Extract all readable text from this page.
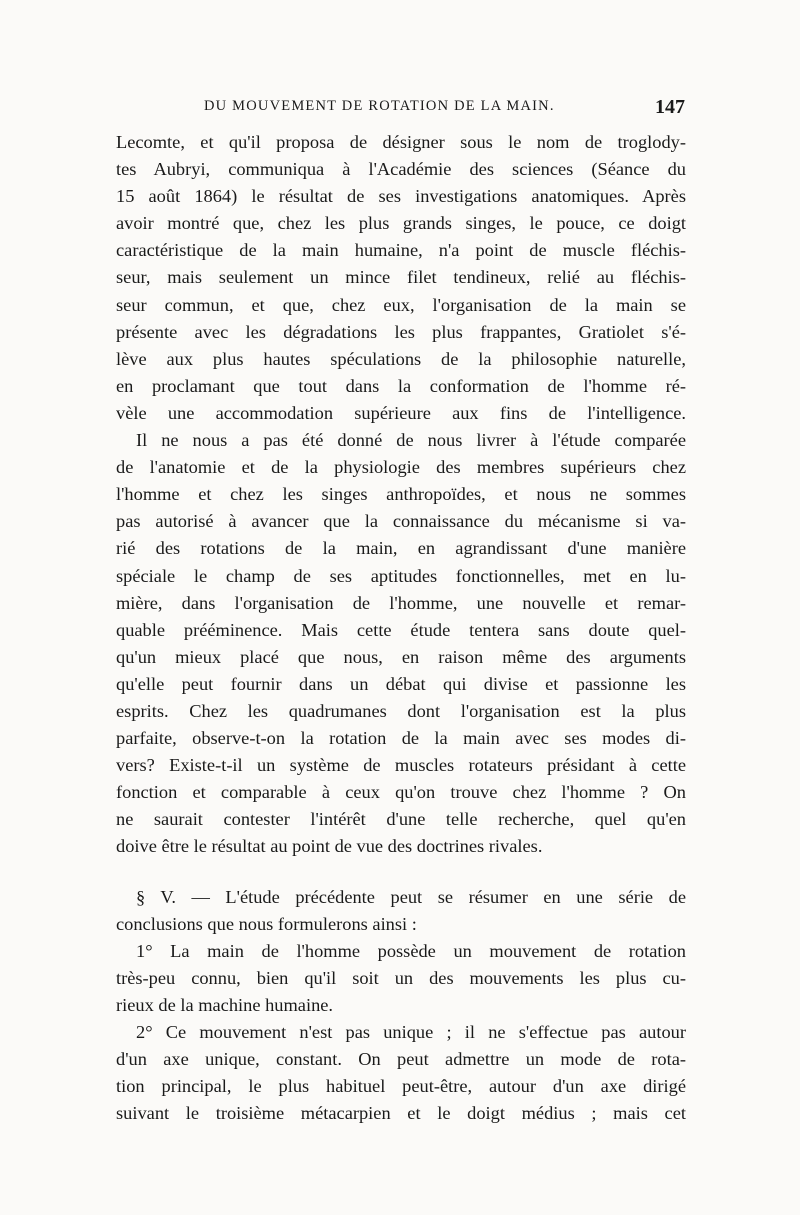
DU MOUVEMENT DE ROTATION DE LA MAIN.	147
Lecomte, et qu'il proposa de désigner sous le nom de troglody-
tes Aubryi, communiqua à l'Académie des sciences (Séance du
15 août 1864) le résultat de ses investigations anatomiques. Après
avoir montré que, chez les plus grands singes, le pouce, ce doigt
caractéristique de la main humaine, n'a point de muscle fléchis-
seur, mais seulement un mince filet tendineux, relié au fléchis-
seur commun, et que, chez eux, l'organisation de la main se
présente avec les dégradations les plus frappantes, Gratiolet s'é-
lève aux plus hautes spéculations de la philosophie naturelle,
en proclamant que tout dans la conformation de l'homme ré-
vèle une accommodation supérieure aux fins de l'intelligence.
Il ne nous a pas été donné de nous livrer à l'étude comparée
de l'anatomie et de la physiologie des membres supérieurs chez
l'homme et chez les singes anthropoïdes, et nous ne sommes
pas autorisé à avancer que la connaissance du mécanisme si va-
rié des rotations de la main, en agrandissant d'une manière
spéciale le champ de ses aptitudes fonctionnelles, met en lu-
mière, dans l'organisation de l'homme, une nouvelle et remar-
quable prééminence. Mais cette étude tentera sans doute quel-
qu'un mieux placé que nous, en raison même des arguments
qu'elle peut fournir dans un débat qui divise et passionne les
esprits. Chez les quadrumanes dont l'organisation est la plus
parfaite, observe-t-on la rotation de la main avec ses modes di-
vers? Existe-t-il un système de muscles rotateurs présidant à cette
fonction et comparable à ceux qu'on trouve chez l'homme ? On
ne saurait contester l'intérêt d'une telle recherche, quel qu'en
doive être le résultat au point de vue des doctrines rivales.
§ V. — L'étude précédente peut se résumer en une série de
conclusions que nous formulerons ainsi :
1° La main de l'homme possède un mouvement de rotation
très-peu connu, bien qu'il soit un des mouvements les plus cu-
rieux de la machine humaine.
2° Ce mouvement n'est pas unique ; il ne s'effectue pas autour
d'un axe unique, constant. On peut admettre un mode de rota-
tion principal, le plus habituel peut-être, autour d'un axe dirigé
suivant le troisième métacarpien et le doigt médius ; mais cet
